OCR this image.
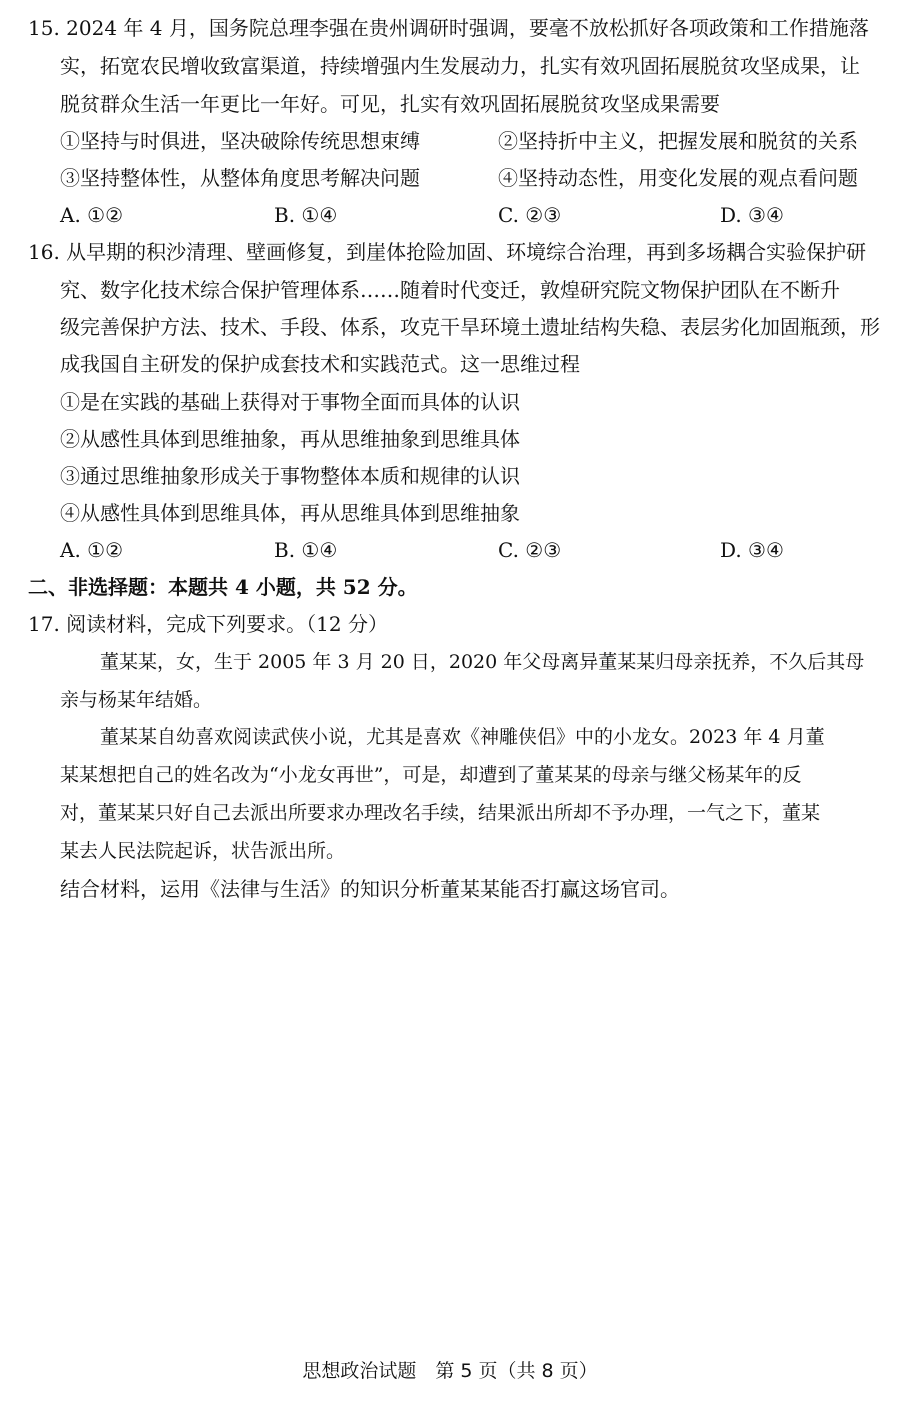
15. 2024 年 4 月，国务院总理李强在贵州调研时强调，要毫不放松抓好各项政策和工作措施落
实，拓宽农民增收致富渠道，持续增强内生发展动力，扎实有效巩固拓展脱贫攻坚成果，让
脱贫群众生活一年更比一年好。可见，扎实有效巩固拓展脱贫攻坚成果需要
①坚持与时俱进，坚决破除传统思想束缚	②坚持折中主义，把握发展和脱贫的关系
③坚持整体性，从整体角度思考解决问题	④坚持动态性，用变化发展的观点看问题
A. ①②	B. ①④	C. ②③	D. ③④
16. 从早期的积沙清理、壁画修复，到崖体抢险加固、环境综合治理，再到多场耦合实验保护研
究、数字化技术综合保护管理体系……随着时代变迁，敦煌研究院文物保护团队在不断升
级完善保护方法、技术、手段、体系，攻克干旱环境土遗址结构失稳、表层劣化加固瓶颈，形
成我国自主研发的保护成套技术和实践范式。这一思维过程
①是在实践的基础上获得对于事物全面而具体的认识
②从感性具体到思维抽象，再从思维抽象到思维具体
③通过思维抽象形成关于事物整体本质和规律的认识
④从感性具体到思维具体，再从思维具体到思维抽象
A. ①②	B. ①④	C. ②③	D. ③④
二、非选择题：本题共 4 小题，共 52 分。
17. 阅读材料，完成下列要求。（12 分）
董某某，女，生于 2005 年 3 月 20 日，2020 年父母离异董某某归母亲抚养，不久后其母
亲与杨某年结婚。
董某某自幼喜欢阅读武侠小说，尤其是喜欢《神雕侠侣》中的小龙女。2023 年 4 月董
某某想把自己的姓名改为“小龙女再世”，可是，却遭到了董某某的母亲与继父杨某年的反
对，董某某只好自己去派出所要求办理改名手续，结果派出所却不予办理，一气之下，董某
某去人民法院起诉，状告派出所。
结合材料，运用《法律与生活》的知识分析董某某能否打赢这场官司。
思想政治试题　第 5 页（共 8 页）
